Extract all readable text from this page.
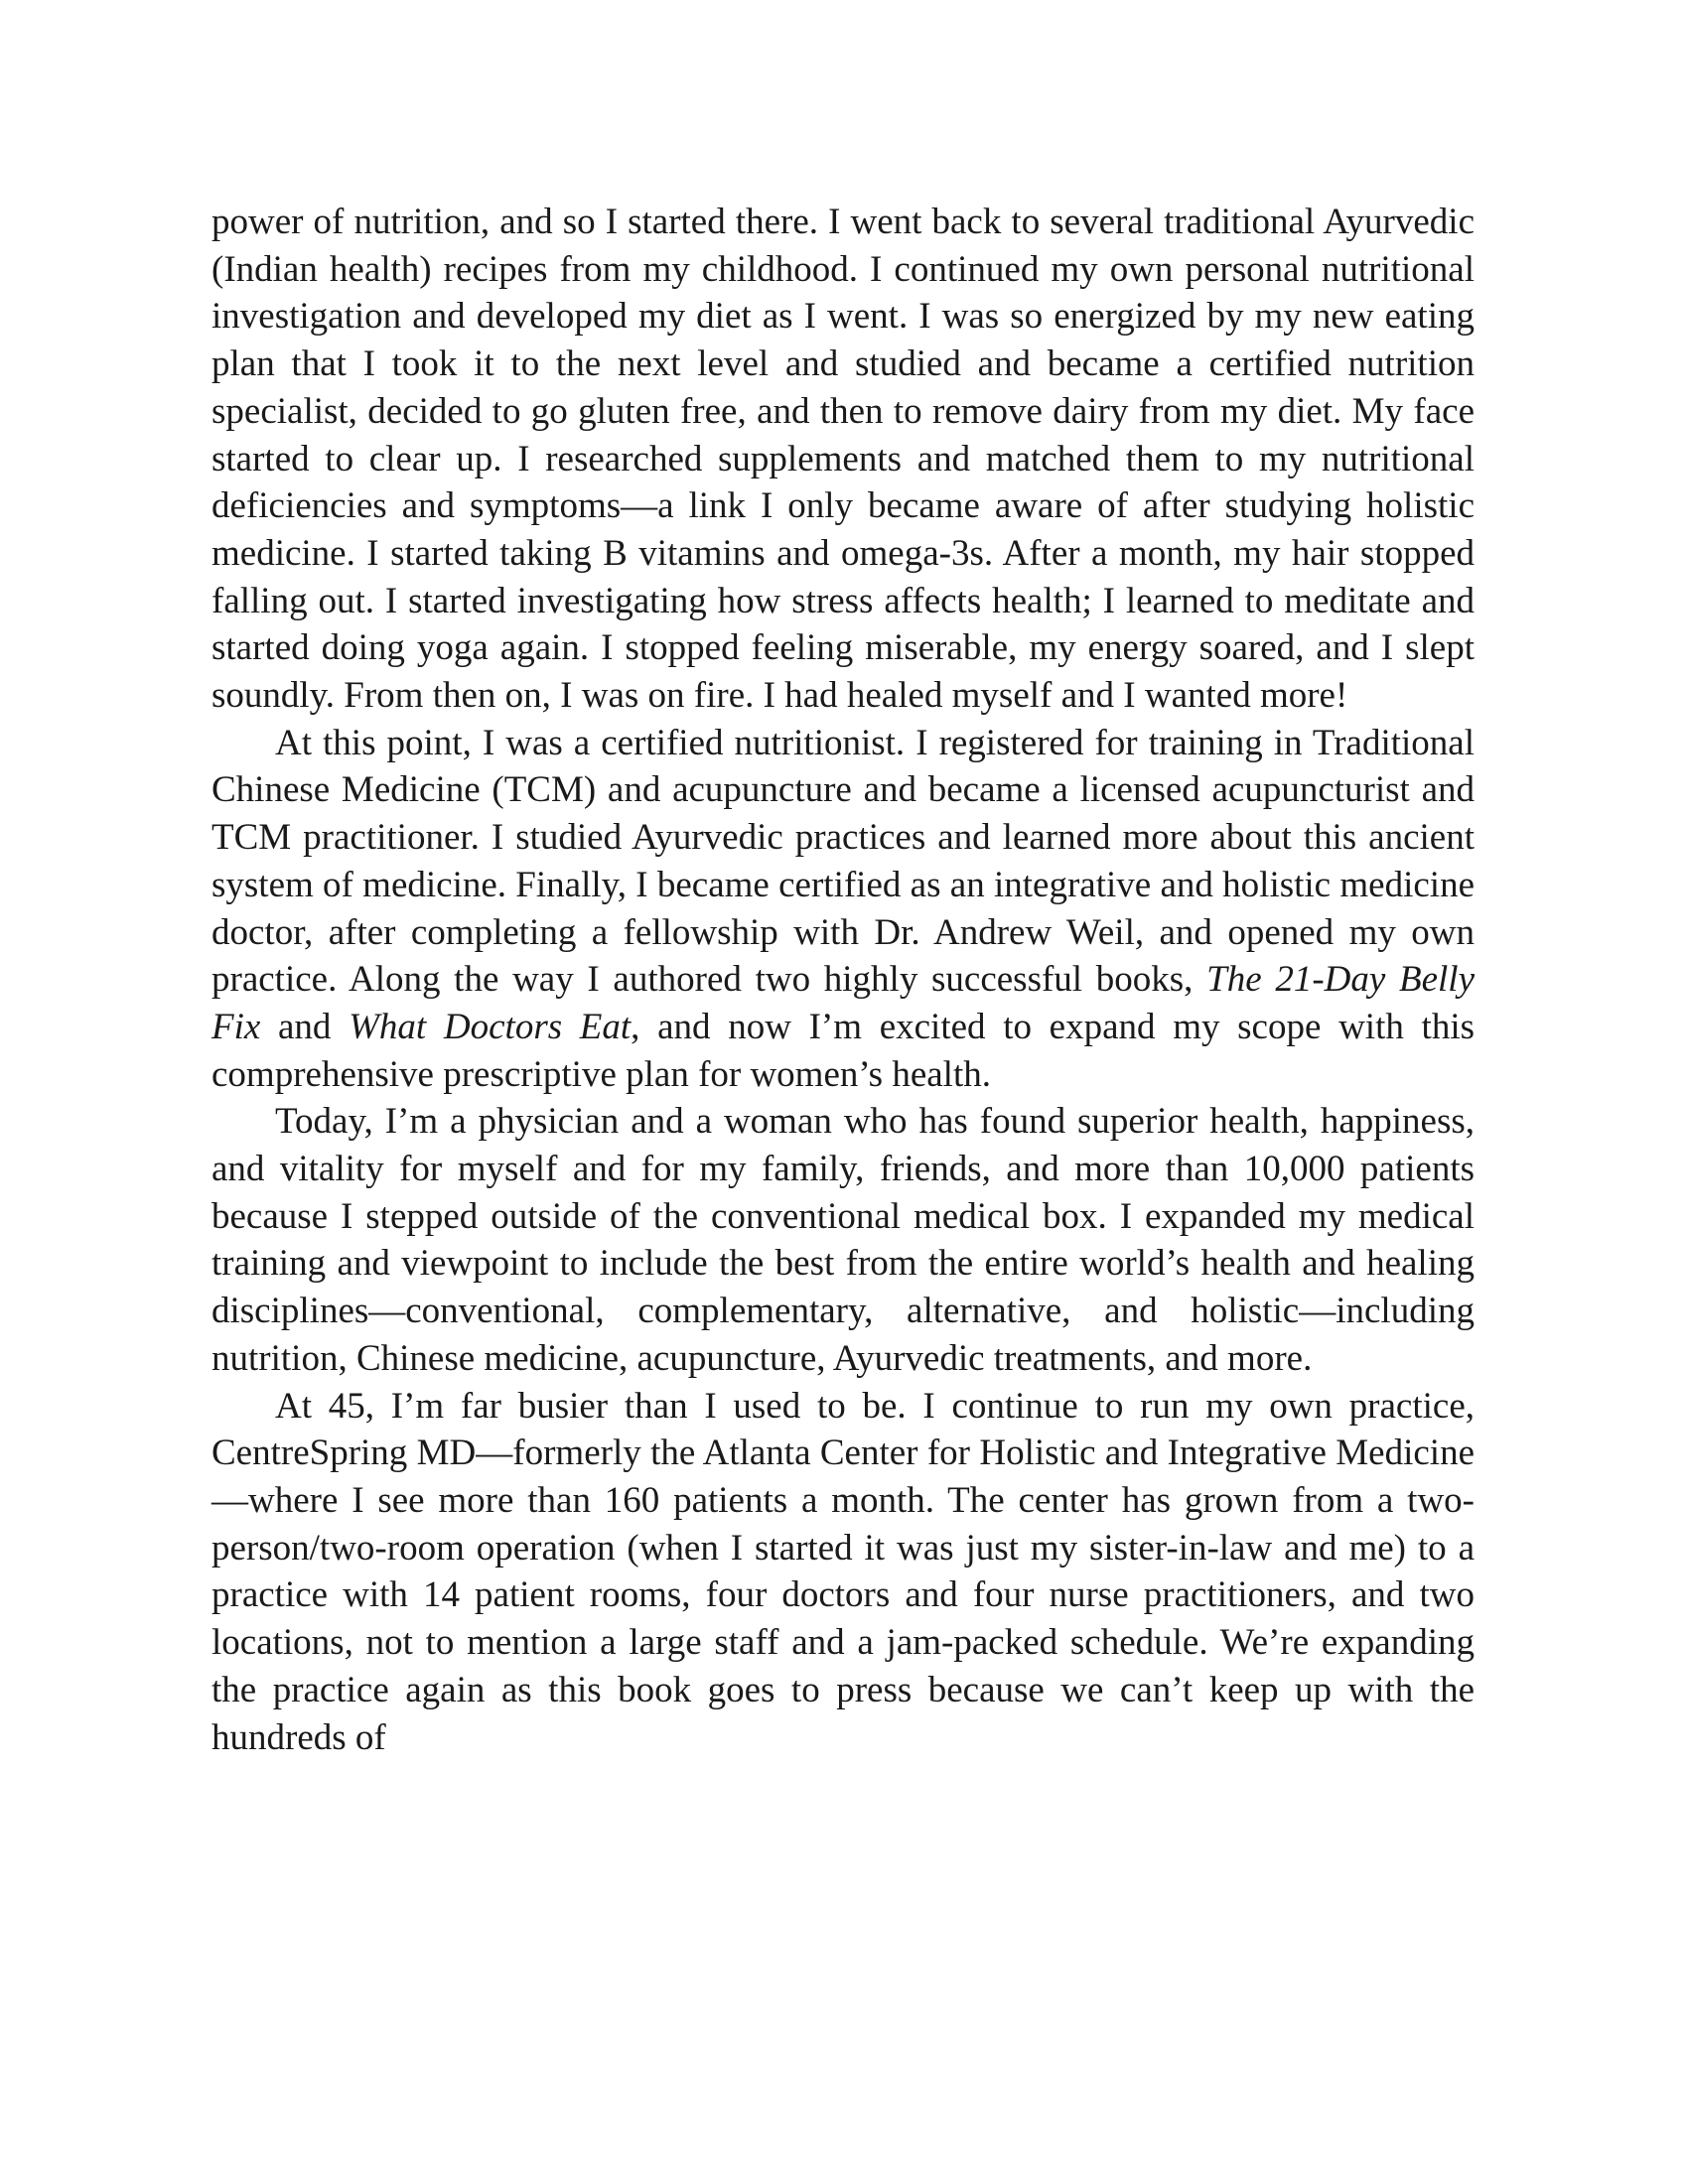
power of nutrition, and so I started there. I went back to several traditional Ayurvedic (Indian health) recipes from my childhood. I continued my own personal nutritional investigation and developed my diet as I went. I was so energized by my new eating plan that I took it to the next level and studied and became a certified nutrition specialist, decided to go gluten free, and then to remove dairy from my diet. My face started to clear up. I researched supplements and matched them to my nutritional deficiencies and symptoms—a link I only became aware of after studying holistic medicine. I started taking B vitamins and omega-3s. After a month, my hair stopped falling out. I started investigating how stress affects health; I learned to meditate and started doing yoga again. I stopped feeling miserable, my energy soared, and I slept soundly. From then on, I was on fire. I had healed myself and I wanted more!

At this point, I was a certified nutritionist. I registered for training in Traditional Chinese Medicine (TCM) and acupuncture and became a licensed acupuncturist and TCM practitioner. I studied Ayurvedic practices and learned more about this ancient system of medicine. Finally, I became certified as an integrative and holistic medicine doctor, after completing a fellowship with Dr. Andrew Weil, and opened my own practice. Along the way I authored two highly successful books, The 21-Day Belly Fix and What Doctors Eat, and now I’m excited to expand my scope with this comprehensive prescriptive plan for women’s health.

Today, I’m a physician and a woman who has found superior health, happiness, and vitality for myself and for my family, friends, and more than 10,000 patients because I stepped outside of the conventional medical box. I expanded my medical training and viewpoint to include the best from the entire world’s health and healing disciplines—conventional, complementary, alternative, and holistic—including nutrition, Chinese medicine, acupuncture, Ayurvedic treatments, and more.

At 45, I’m far busier than I used to be. I continue to run my own practice, CentreSpring MD—formerly the Atlanta Center for Holistic and Integrative Medicine—where I see more than 160 patients a month. The center has grown from a two-person/two-room operation (when I started it was just my sister-in-law and me) to a practice with 14 patient rooms, four doctors and four nurse practitioners, and two locations, not to mention a large staff and a jam-packed schedule. We’re expanding the practice again as this book goes to press because we can’t keep up with the hundreds of
